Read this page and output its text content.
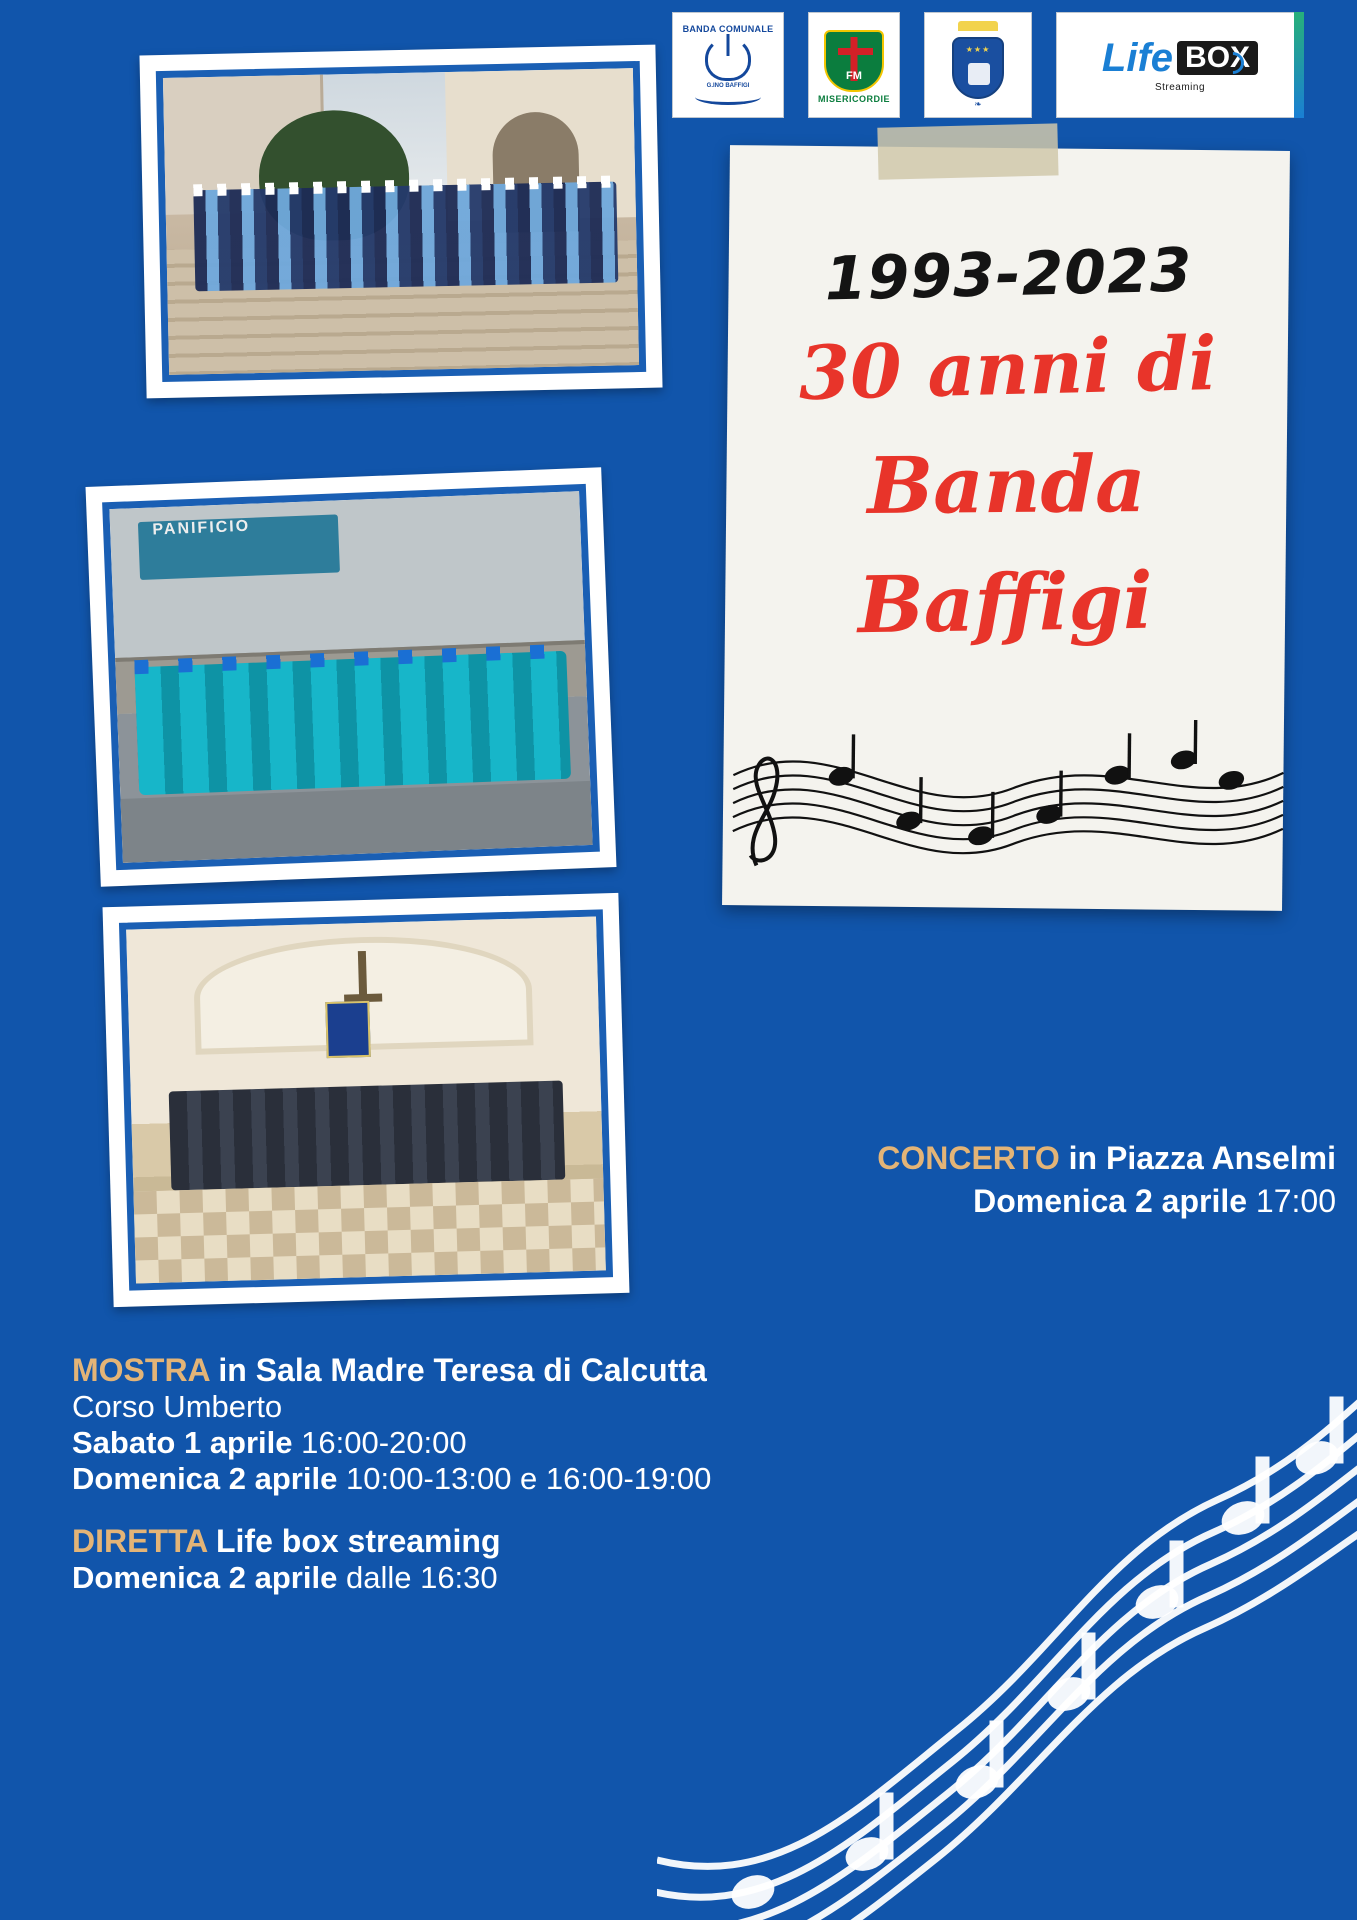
BANDA COMUNALE
G.INO BAFFIGI
FM
MISERICORDIE
★★★	❧
Life BOX
Streaming
PANIFICIO
1993-2023
30 anni di
Banda
Baffigi
CONCERTO in Piazza Anselmi
Domenica 2 aprile 17:00
MOSTRA in Sala Madre Teresa di Calcutta
Corso Umberto
Sabato 1 aprile 16:00-20:00
Domenica 2 aprile 10:00-13:00 e 16:00-19:00
DIRETTA Life box streaming
Domenica 2 aprile dalle 16:30
